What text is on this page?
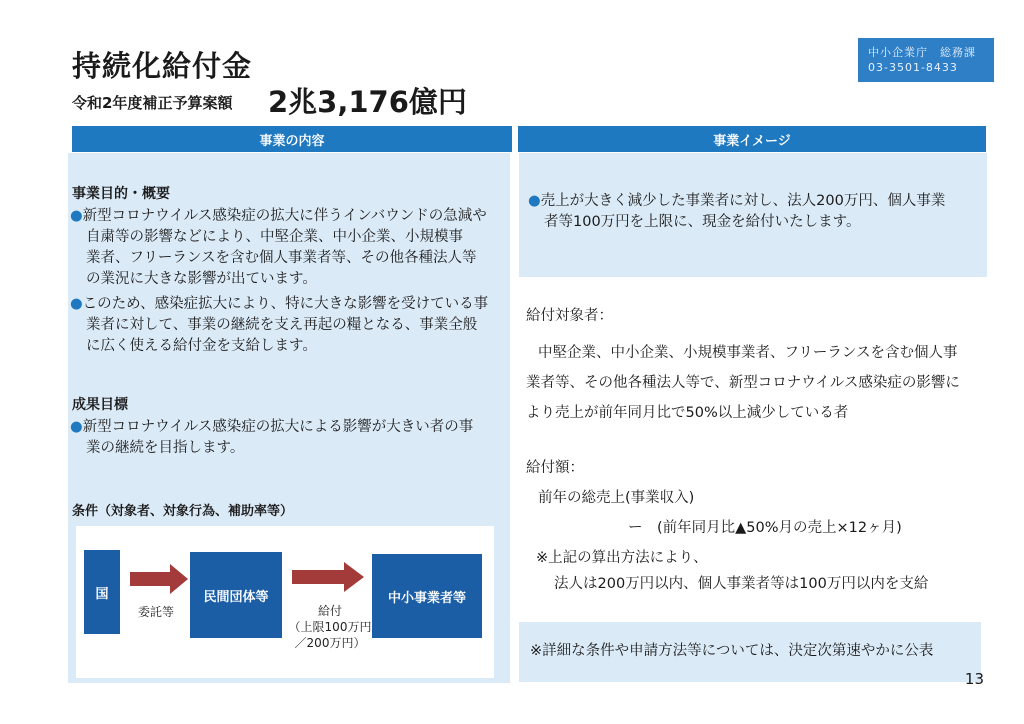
持続化給付金
令和2年度補正予算案額 2兆3,176億円
中小企業庁　総務課
03-3501-8433
事業の内容	事業イメージ
事業目的・概要
●新型コロナウイルス感染症の拡大に伴うインバウンドの急減や
自粛等の影響などにより、中堅企業、中小企業、小規模事
業者、フリーランスを含む個人事業者等、その他各種法人等
の業況に大きな影響が出ています。
●このため、感染症拡大により、特に大きな影響を受けている事
業者に対して、事業の継続を支え再起の糧となる、事業全般
に広く使える給付金を支給します。
成果目標
●新型コロナウイルス感染症の拡大による影響が大きい者の事
業の継続を目指します。
条件（対象者、対象行為、補助率等）
国
委託等
民間団体等
給付
（上限100万円
／200万円）
中小事業者等
●売上が大きく減少した事業者に対し、法人200万円、個人事業
者等100万円を上限に、現金を給付いたします。
給付対象者：
中堅企業、中小企業、小規模事業者、フリーランスを含む個人事
業者等、その他各種法人等で、新型コロナウイルス感染症の影響に
より売上が前年同月比で50%以上減少している者
給付額：
前年の総売上(事業収入)
ー　(前年同月比▲50%月の売上×12ヶ月)
※上記の算出方法により、
法人は200万円以内、個人事業者等は100万円以内を支給
※詳細な条件や申請方法等については、決定次第速やかに公表
13
